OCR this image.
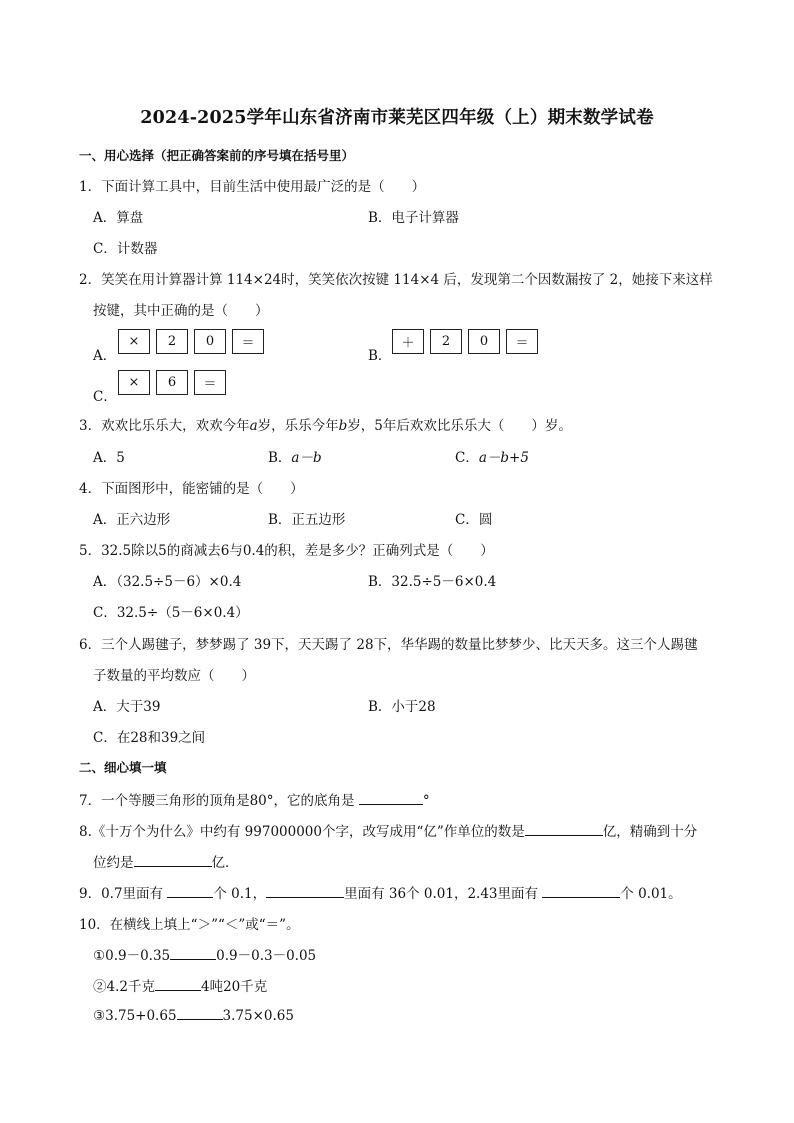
2024-2025学年山东省济南市莱芜区四年级（上）期末数学试卷
一、用心选择（把正确答案前的序号填在括号里）
1．下面计算工具中，目前生活中使用最广泛的是（　　）
A．算盘	B．电子计算器
C．计数器
2．笑笑在用计算器计算 114×24时，笑笑依次按键 114×4 后，发现第二个因数漏按了 2，她接下来这样
按键，其中正确的是（　　）
A．
×	2	0	＝
B．
＋	2	0	＝
C．
×	6	＝
3．欢欢比乐乐大，欢欢今年a岁，乐乐今年b岁，5年后欢欢比乐乐大（　　）岁。
A．5	B．a－b	C．a－b+5
4．下面图形中，能密铺的是（　　）
A．正六边形	B．正五边形	C．圆
5．32.5除以5的商减去6与0.4的积，差是多少？正确列式是（　　）
A．（32.5÷5－6）×0.4	B．32.5÷5－6×0.4
C．32.5÷（5－6×0.4）
6．三个人踢毽子，梦梦踢了 39下，天天踢了 28下，华华踢的数量比梦梦少、比天天多。这三个人踢毽
子数量的平均数应（　　）
A．大于39	B．小于28
C．在28和39之间
二、细心填一填
7．一个等腰三角形的顶角是80°，它的底角是	°
8.《十万个为什么》中约有 997000000个字，改写成用“亿”作单位的数是	亿，精确到十分
位约是	亿．
9．0.7里面有	个 0.1，	里面有 36个 0.01，2.43里面有	个 0.01。
10．在横线上填上“＞”“＜”或“＝”。
①0.9－0.35	0.9－0.3－0.05
②4.2千克	4吨20千克
③3.75+0.65	3.75×0.65
